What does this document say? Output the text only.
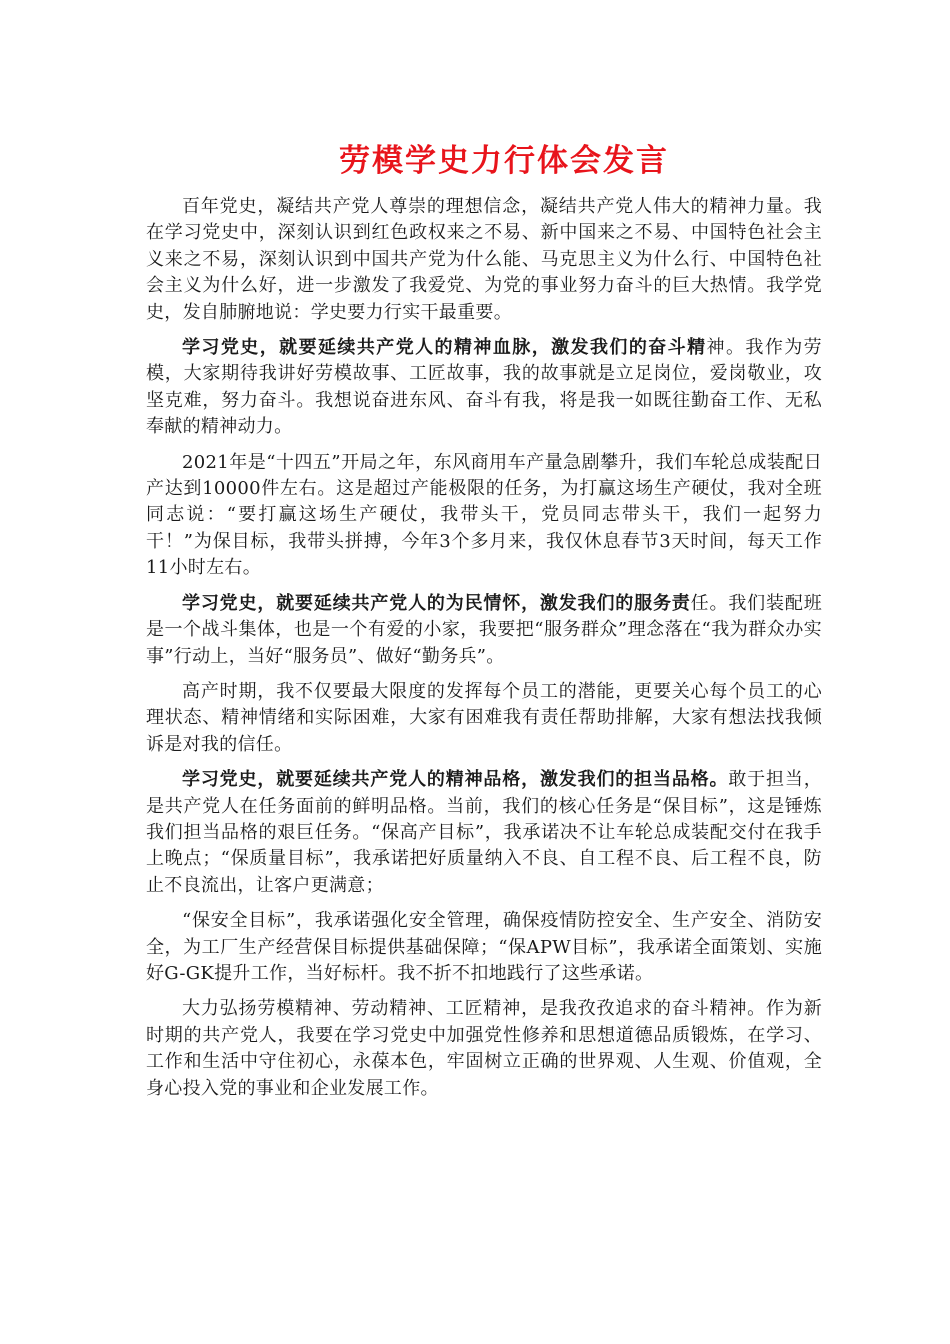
劳模学史力行体会发言

百年党史，凝结共产党人尊崇的理想信念，凝结共产党人伟大的精神力量。我在学习党史中，深刻认识到红色政权来之不易、新中国来之不易、中国特色社会主义来之不易，深刻认识到中国共产党为什么能、马克思主义为什么行、中国特色社会主义为什么好，进一步激发了我爱党、为党的事业努力奋斗的巨大热情。我学党史，发自肺腑地说：学史要力行实干最重要。

学习党史，就要延续共产党人的精神血脉，激发我们的奋斗精神。我作为劳模，大家期待我讲好劳模故事、工匠故事，我的故事就是立足岗位，爱岗敬业，攻坚克难，努力奋斗。我想说奋进东风、奋斗有我，将是我一如既往勤奋工作、无私奉献的精神动力。

2021年是“十四五”开局之年，东风商用车产量急剧攀升，我们车轮总成装配日产达到10000件左右。这是超过产能极限的任务，为打赢这场生产硬仗，我对全班同志说：“要打赢这场生产硬仗，我带头干，党员同志带头干，我们一起努力干！”为保目标，我带头拼搏，今年3个多月来，我仅休息春节3天时间，每天工作11小时左右。

学习党史，就要延续共产党人的为民情怀，激发我们的服务责任。我们装配班是一个战斗集体，也是一个有爱的小家，我要把“服务群众”理念落在“我为群众办实事”行动上，当好“服务员”、做好“勤务兵”。

高产时期，我不仅要最大限度的发挥每个员工的潜能，更要关心每个员工的心理状态、精神情绪和实际困难，大家有困难我有责任帮助排解，大家有想法找我倾诉是对我的信任。

学习党史，就要延续共产党人的精神品格，激发我们的担当品格。敢于担当，是共产党人在任务面前的鲜明品格。当前，我们的核心任务是“保目标”，这是锤炼我们担当品格的艰巨任务。“保高产目标”，我承诺决不让车轮总成装配交付在我手上晚点；“保质量目标”，我承诺把好质量纳入不良、自工程不良、后工程不良，防止不良流出，让客户更满意；

“保安全目标”，我承诺强化安全管理，确保疫情防控安全、生产安全、消防安全，为工厂生产经营保目标提供基础保障；“保APW目标”，我承诺全面策划、实施好G-GK提升工作，当好标杆。我不折不扣地践行了这些承诺。

大力弘扬劳模精神、劳动精神、工匠精神，是我孜孜追求的奋斗精神。作为新时期的共产党人，我要在学习党史中加强党性修养和思想道德品质锻炼，在学习、工作和生活中守住初心，永葆本色，牢固树立正确的世界观、人生观、价值观，全身心投入党的事业和企业发展工作。
